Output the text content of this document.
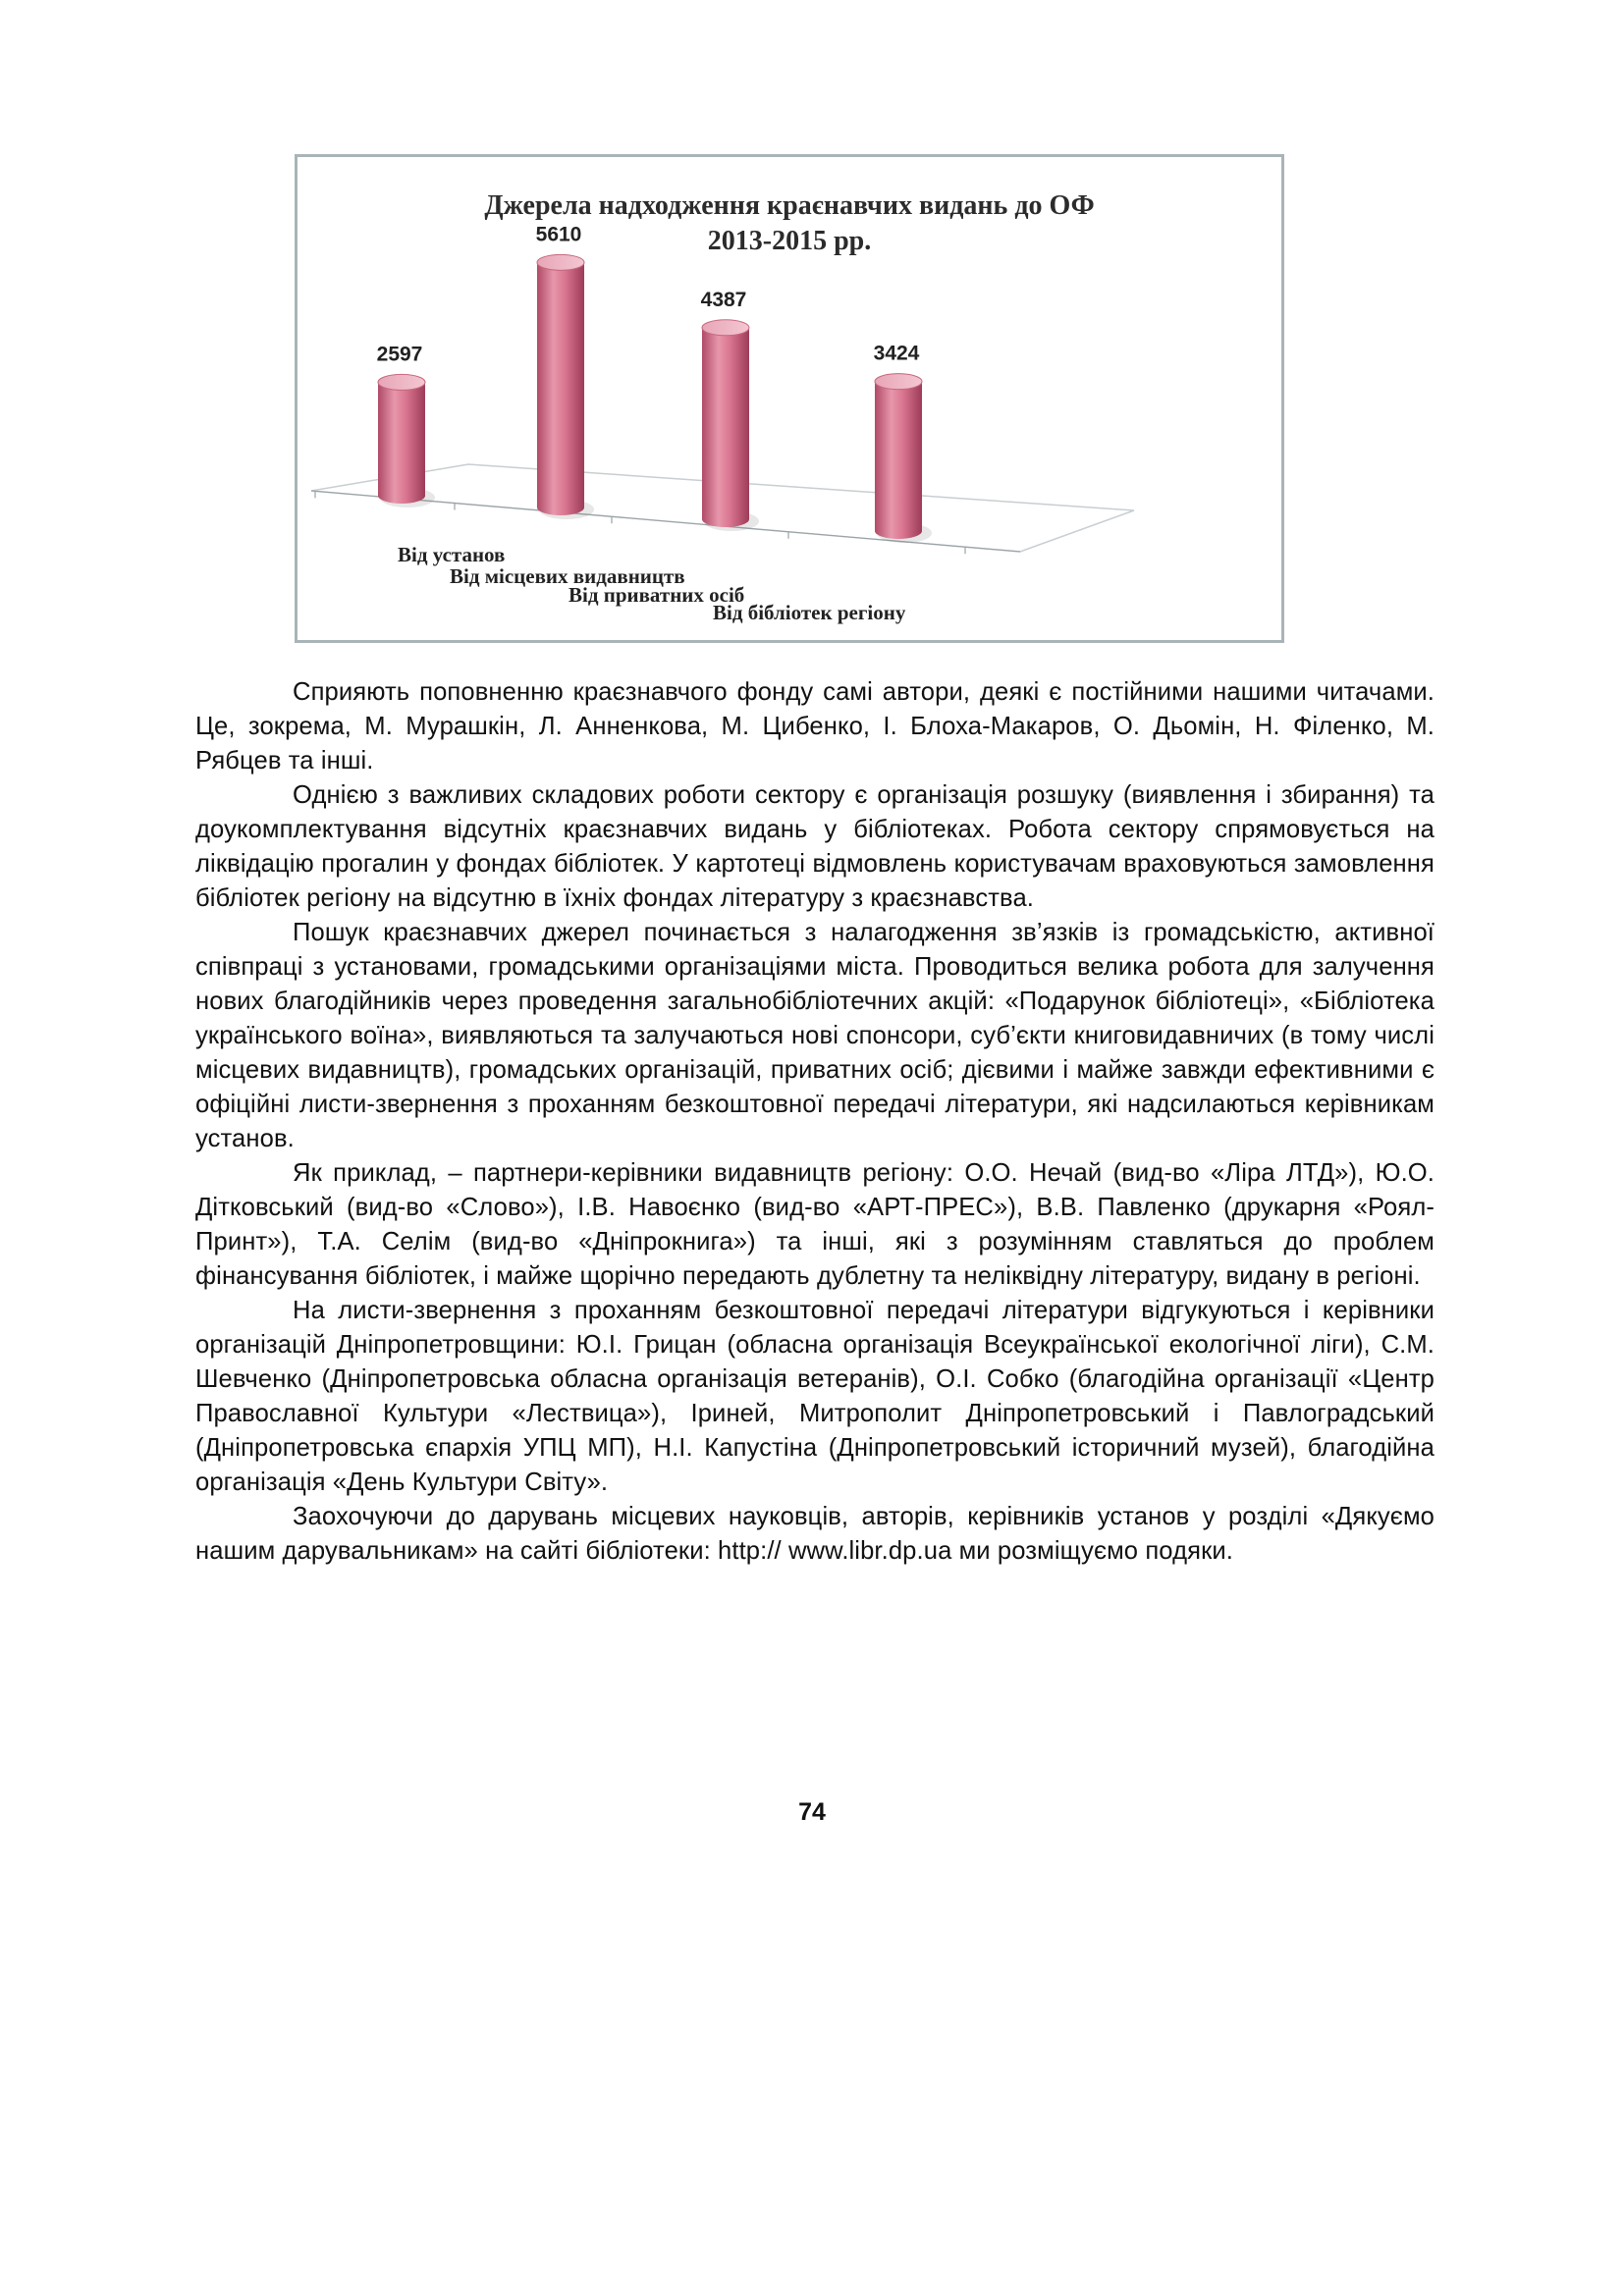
Джерела надходження краєнавчих видань до ОФ
2013-2015 рр.
2597
Від установ
5610
Від місцевих видавництв
4387
Від приватних осіб
3424
Від бібліотек регіону

Сприяють поповненню краєзнавчого фонду самі автори, деякі є постійними нашими читачами. Це, зокрема, М. Мурашкін, Л. Анненкова, М. Цибенко, І. Блоха-Макаров, О. Дьомін, Н. Філенко, М. Рябцев та інші.

Однією з важливих складових роботи сектору є організація розшуку (виявлення і збирання) та доукомплектування відсутніх краєзнавчих видань у бібліотеках. Робота сектору спрямовується на ліквідацію прогалин у фондах бібліотек. У картотеці відмовлень користувачам враховуються замовлення бібліотек регіону на відсутню в їхніх фондах літературу з краєзнавства.

Пошук краєзнавчих джерел починається з налагодження зв’язків із громадськістю, активної співпраці з установами, громадськими організаціями міста. Проводиться велика робота для залучення нових благодійників через проведення загальнобібліотечних акцій: «Подарунок бібліотеці», «Бібліотека українського воїна», виявляються та залучаються нові спонсори, суб’єкти книговидавничих (в тому числі місцевих видавництв), громадських організацій, приватних осіб; дієвими і майже завжди ефективними є офіційні листи-звернення з проханням безкоштовної передачі літератури, які надсилаються керівникам установ.

Як приклад, – партнери-керівники видавництв регіону: О.О. Нечай (вид-во «Ліра ЛТД»), Ю.О. Дітковський (вид-во «Слово»), І.В. Навоєнко (вид-во «АРТ-ПРЕС»), В.В. Павленко (друкарня «Роял-Принт»), Т.А. Селім (вид-во «Дніпрокнига») та інші, які з розумінням ставляться до проблем фінансування бібліотек, і майже щорічно передають дублетну та неліквідну літературу, видану в регіоні.

На листи-звернення з проханням безкоштовної передачі літератури відгукуються і керівники організацій Дніпропетровщини: Ю.І. Грицан (обласна організація Всеукраїнської екологічної ліги), С.М. Шевченко (Дніпропетровська обласна організація ветеранів), О.І. Собко (благодійна організації «Центр Православної Культури «Лествица»), Іриней, Митрополит Дніпропетровський і Павлоградський (Дніпропетровська єпархія УПЦ МП), Н.І. Капустіна (Дніпропетровський історичний музей), благодійна організація «День Культури Світу».

Заохочуючи до дарувань місцевих науковців, авторів, керівників установ у розділі «Дякуємо нашим дарувальникам» на сайті бібліотеки: http:// www.libr.dp.ua ми розміщуємо подяки.

74
